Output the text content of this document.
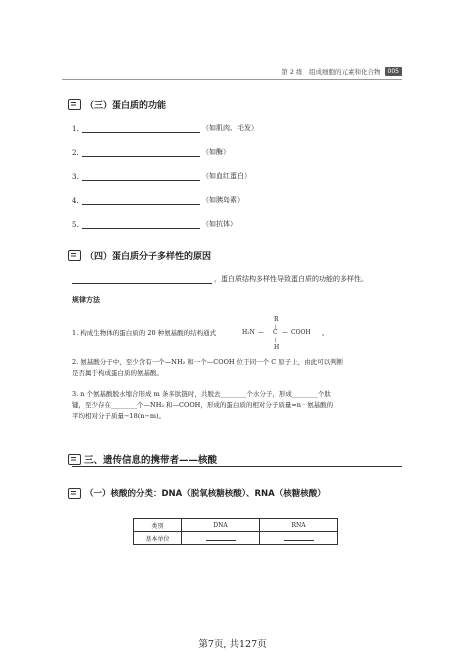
第 2 练　组成细胞的元素和化合物	005
（三）蛋白质的功能
1.	（如肌肉、毛发）
2.	（如酶）
3.	（如血红蛋白）
4.	（如胰岛素）
5.	（如抗体）
（四）蛋白质分子多样性的原因
，蛋白质结构多样性导致蛋白质的功能的多样性。
规律方法
1. 构成生物体的蛋白质的 20 种氨基酸的结构通式	。
R
|
H₂N — C — COOH
|
H
2. 氨基酸分子中，至少含有一个—NH₂ 和一个—COOH 位于同一个 C 原子上，由此可以判断
是否属于构成蛋白质的氨基酸。
3. n 个氨基酸脱水缩合形成 m 条多肽链时，共脱去________个水分子，形成________个肽
键，至少存在________个—NH₂ 和—COOH，形成的蛋白质的相对分子质量=n · 氨基酸的
平均相对分子质量−18(n−m)。
三、遗传信息的携带者——核酸
（一）核酸的分类：DNA（脱氧核糖核酸）、RNA（核糖核酸）
类别	DNA	RNA
基本单位		
第7页, 共127页
